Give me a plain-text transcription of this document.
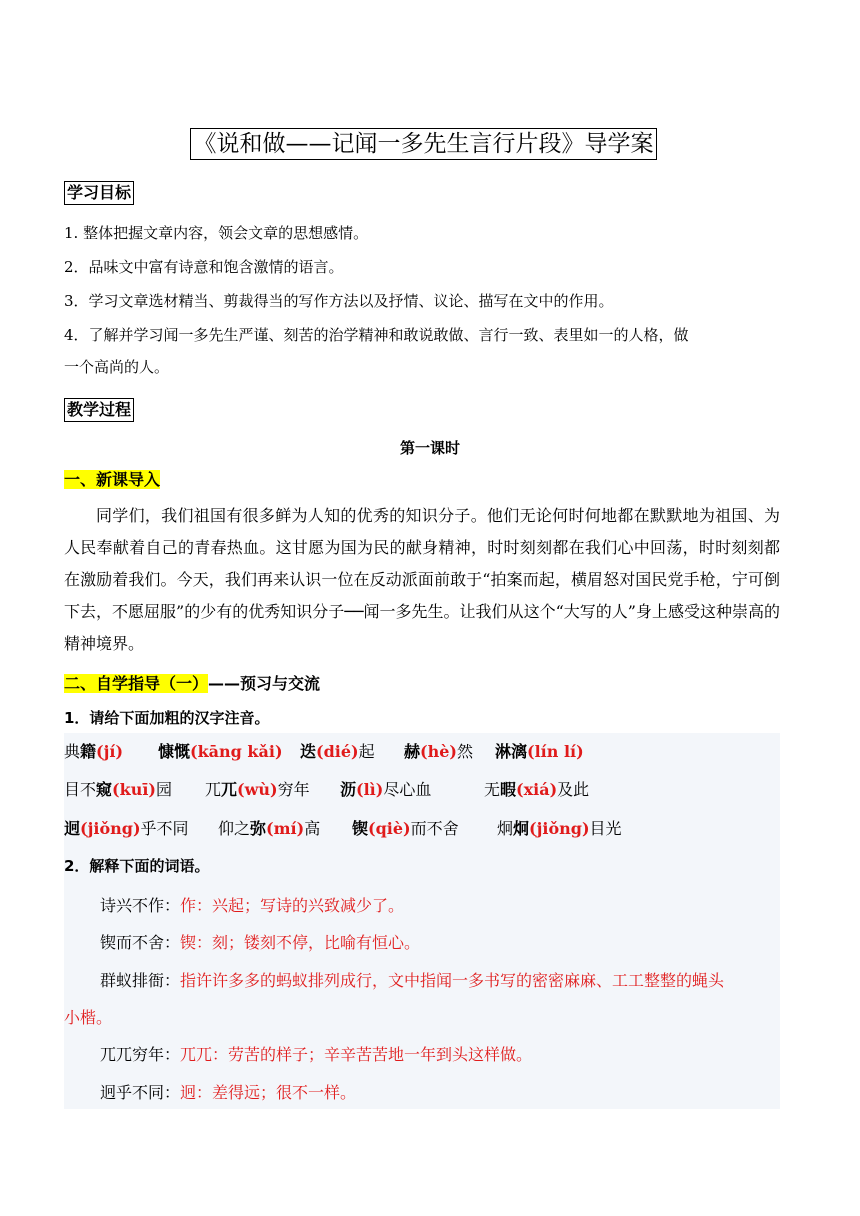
《说和做——记闻一多先生言行片段》导学案
学习目标
1. 整体把握文章内容，领会文章的思想感情。
2．品味文中富有诗意和饱含激情的语言。
3．学习文章选材精当、剪裁得当的写作方法以及抒情、议论、描写在文中的作用。
4．了解并学习闻一多先生严谨、刻苦的治学精神和敢说敢做、言行一致、表里如一的人格，做
一个高尚的人。
教学过程
第一课时
一、新课导入
同学们，我们祖国有很多鲜为人知的优秀的知识分子。他们无论何时何地都在默默地为祖国、为人民奉献着自己的青春热血。这甘愿为国为民的献身精神，时时刻刻都在我们心中回荡，时时刻刻都在激励着我们。今天，我们再来认识一位在反动派面前敢于“拍案而起，横眉怒对国民党手枪，宁可倒下去，不愿屈服”的少有的优秀知识分子──闻一多先生。让我们从这个“大写的人”身上感受这种崇高的精神境界。
二、自学指导（一）——预习与交流
1．请给下面加粗的汉字注音。
典籍(jí) 慷慨(kāng kǎi) 迭(dié)起 赫(hè)然 淋漓(lín lí)
目不窥(kuī)园 兀兀(wù)穷年 沥(lì)尽心血	无暇(xiá)及此
迥(jiǒng)乎不同 仰之弥(mí)高 锲(qiè)而不舍 炯炯(jiǒng)目光
2．解释下面的词语。
诗兴不作：作：兴起；写诗的兴致减少了。
锲而不舍：锲：刻；镂刻不停，比喻有恒心。
群蚁排衙：指许许多多的蚂蚁排列成行，文中指闻一多书写的密密麻麻、工工整整的蝇头
小楷。
兀兀穷年：兀兀：劳苦的样子；辛辛苦苦地一年到头这样做。
迥乎不同：迥：差得远；很不一样。
